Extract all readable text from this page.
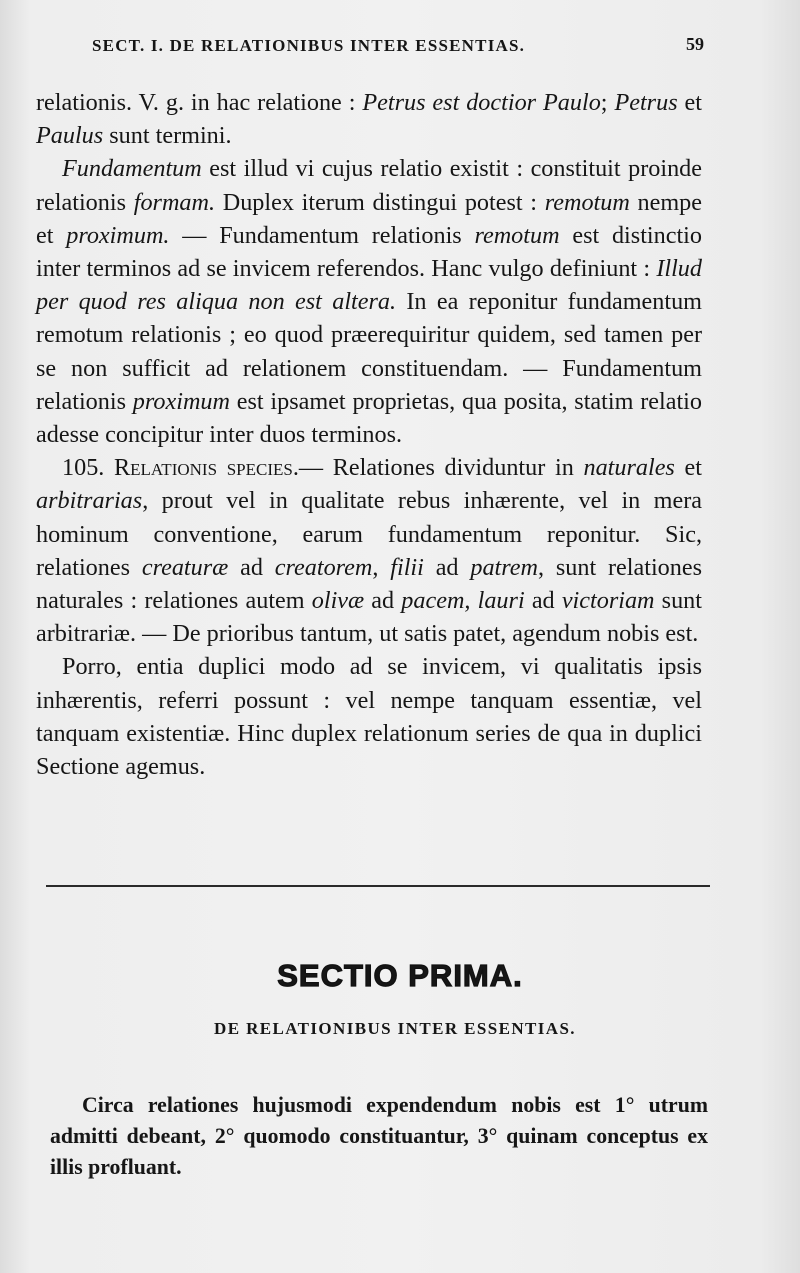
SECT. I. DE RELATIONIBUS INTER ESSENTIAS.	59

relationis. V. g. in hac relatione : Petrus est doctior Paulo; Petrus et Paulus sunt termini.

Fundamentum est illud vi cujus relatio existit : constituit proinde relationis formam. Duplex iterum distingui potest : remotum nempe et proximum. — Fundamentum relationis remotum est distinctio inter terminos ad se invicem referendos. Hanc vulgo definiunt : Illud per quod res aliqua non est altera. In ea reponitur fundamentum remotum relationis ; eo quod præerequiritur quidem, sed tamen per se non sufficit ad relationem constituendam. — Fundamentum relationis proximum est ipsamet proprietas, qua posita, statim relatio adesse concipitur inter duos terminos.

105. Relationis species.— Relationes dividuntur in naturales et arbitrarias, prout vel in qualitate rebus inhærente, vel in mera hominum conventione, earum fundamentum reponitur. Sic, relationes creaturæ ad creatorem, filii ad patrem, sunt relationes naturales : relationes autem olivæ ad pacem, lauri ad victoriam sunt arbitrariæ. — De prioribus tantum, ut satis patet, agendum nobis est.

Porro, entia duplici modo ad se invicem, vi qualitatis ipsis inhærentis, referri possunt : vel nempe tanquam essentiæ, vel tanquam existentiæ. Hinc duplex relationum series de qua in duplici Sectione agemus.

SECTIO PRIMA.
DE RELATIONIBUS INTER ESSENTIAS.

Circa relationes hujusmodi expendendum nobis est 1° utrum admitti debeant, 2° quomodo constituantur, 3° quinam conceptus ex illis profluant.
